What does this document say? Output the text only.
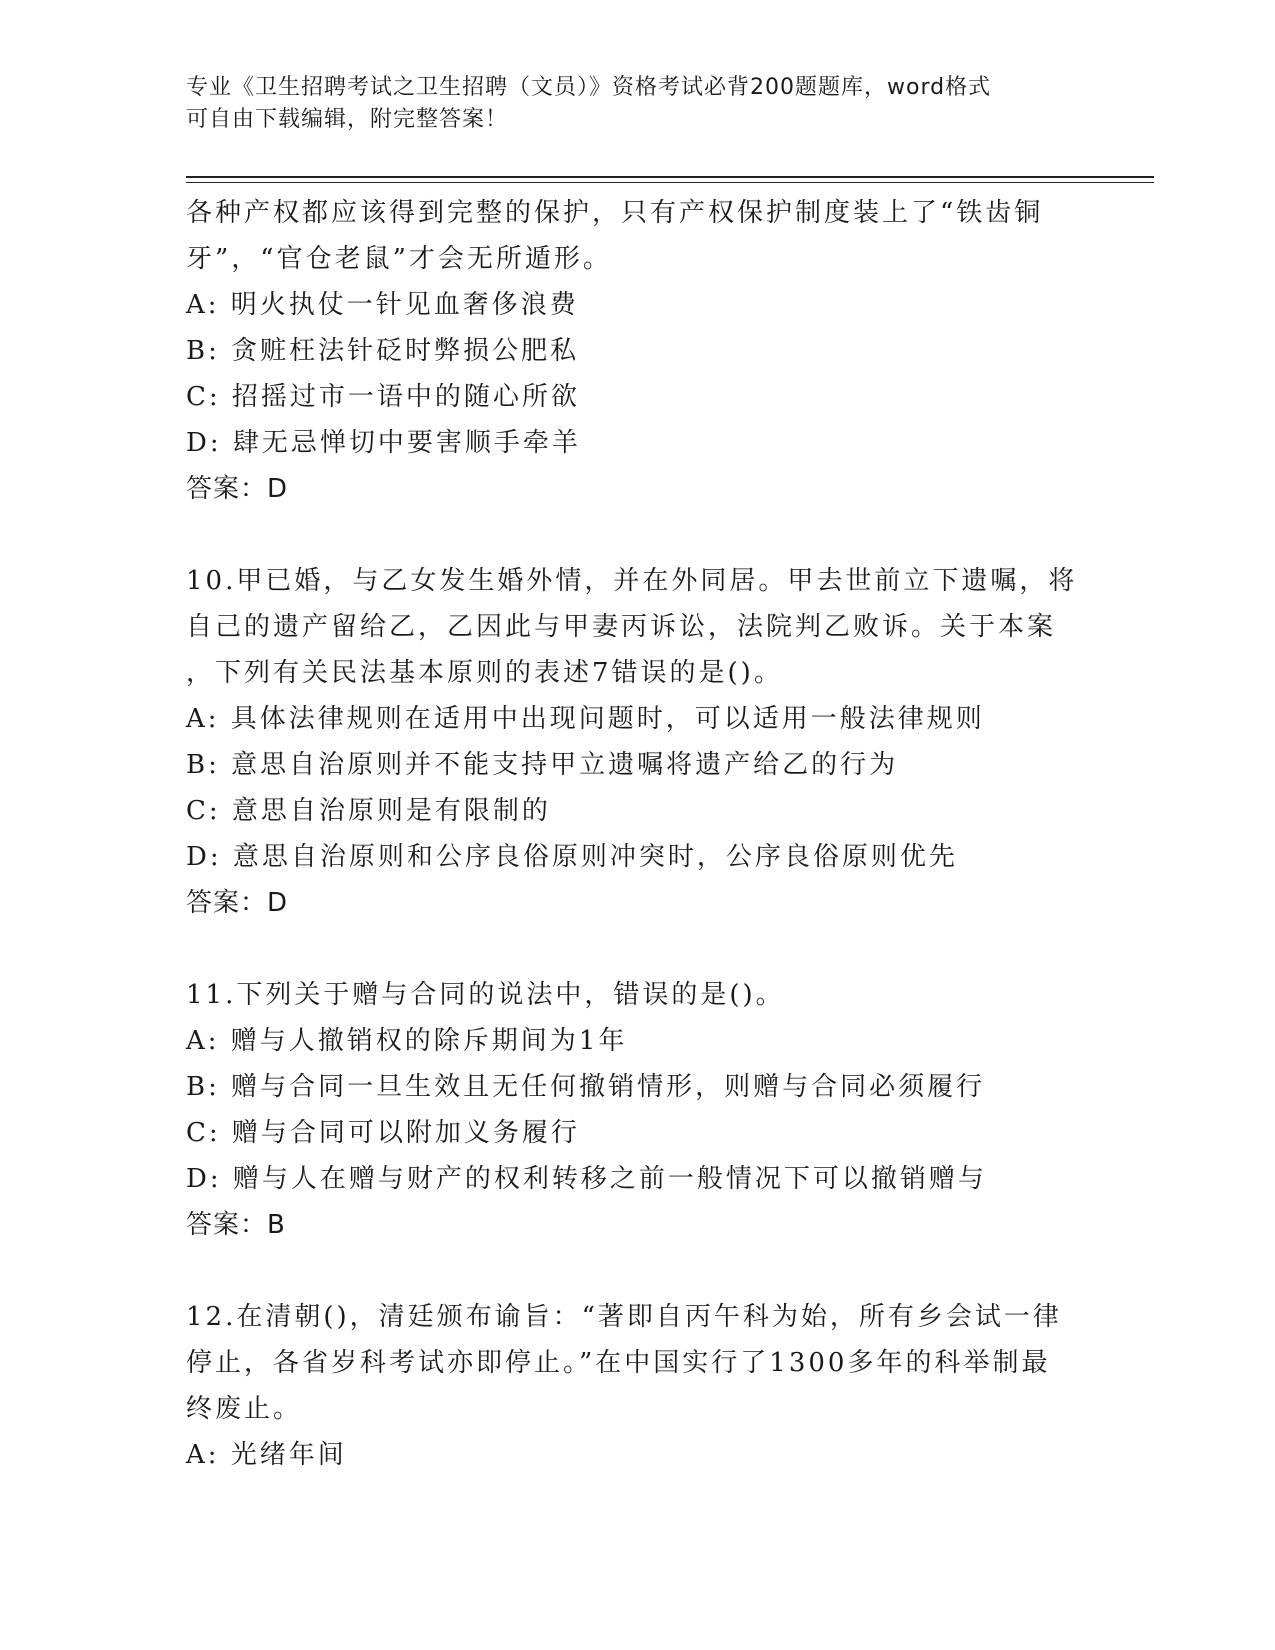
专业《卫生招聘考试之卫生招聘（文员）》资格考试必背200题题库，word格式
可自由下载编辑，附完整答案！
各种产权都应该得到完整的保护，只有产权保护制度装上了“铁齿铜
牙”，“官仓老鼠”才会无所遁形。
A: 明火执仗一针见血奢侈浪费
B: 贪赃枉法针砭时弊损公肥私
C: 招摇过市一语中的随心所欲
D: 肆无忌惮切中要害顺手牵羊
答案：D
10.甲已婚，与乙女发生婚外情，并在外同居。甲去世前立下遗嘱，将
自己的遗产留给乙，乙因此与甲妻丙诉讼，法院判乙败诉。关于本案
，下列有关民法基本原则的表述7错误的是()。
A: 具体法律规则在适用中出现问题时，可以适用一般法律规则
B: 意思自治原则并不能支持甲立遗嘱将遗产给乙的行为
C: 意思自治原则是有限制的
D: 意思自治原则和公序良俗原则冲突时，公序良俗原则优先
答案：D
11.下列关于赠与合同的说法中，错误的是()。
A: 赠与人撤销权的除斥期间为1年
B: 赠与合同一旦生效且无任何撤销情形，则赠与合同必须履行
C: 赠与合同可以附加义务履行
D: 赠与人在赠与财产的权利转移之前一般情况下可以撤销赠与
答案：B
12.在清朝()，清廷颁布谕旨：“著即自丙午科为始，所有乡会试一律
停止，各省岁科考试亦即停止。”在中国实行了1300多年的科举制最
终废止。
A: 光绪年间
